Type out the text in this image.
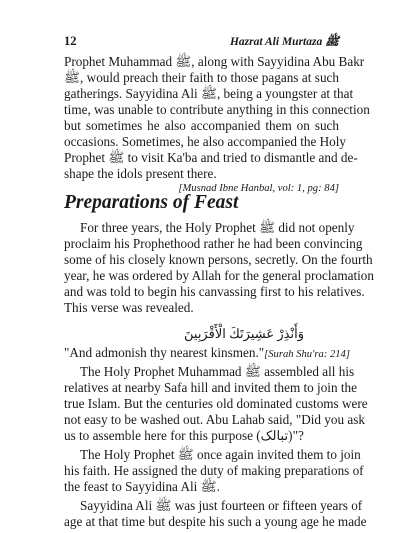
12	Hazrat Ali Murtaza ﷺ
Prophet Muhammad ﷺ, along with Sayyidina Abu Bakr
ﷺ, would preach their faith to those pagans at such
gatherings. Sayyidina Ali ﷺ, being a youngster at that
time, was unable to contribute anything in this connection
but sometimes he also accompanied them on such
occasions. Sometimes, he also accompanied the Holy
Prophet ﷺ to visit Ka'ba and tried to dismantle and de-
shape the idols present there.
[Musnad Ibne Hanbal, vol: 1, pg: 84]
Preparations of Feast
For three years, the Holy Prophet ﷺ did not openly
proclaim his Prophethood rather he had been convincing
some of his closely known persons, secretly. On the fourth
year, he was ordered by Allah for the general proclamation
and was told to begin his canvassing first to his relatives.
This verse was revealed.
وَأَنْذِرْ عَشِيرَتَكَ الْأَقْرَبِينَ
"And admonish thy nearest kinsmen."[Surah Shu'ra: 214]
The Holy Prophet Muhammad ﷺ assembled all his
relatives at nearby Safa hill and invited them to join the
true Islam. But the centuries old dominated customs were
not easy to be washed out. Abu Lahab said, "Did you ask
us to assemble here for this purpose (تبالک)"?
The Holy Prophet ﷺ once again invited them to join
his faith. He assigned the duty of making preparations of
the feast to Sayyidina Ali ﷺ.
Sayyidina Ali ﷺ was just fourteen or fifteen years of
age at that time but despite his such a young age he made
